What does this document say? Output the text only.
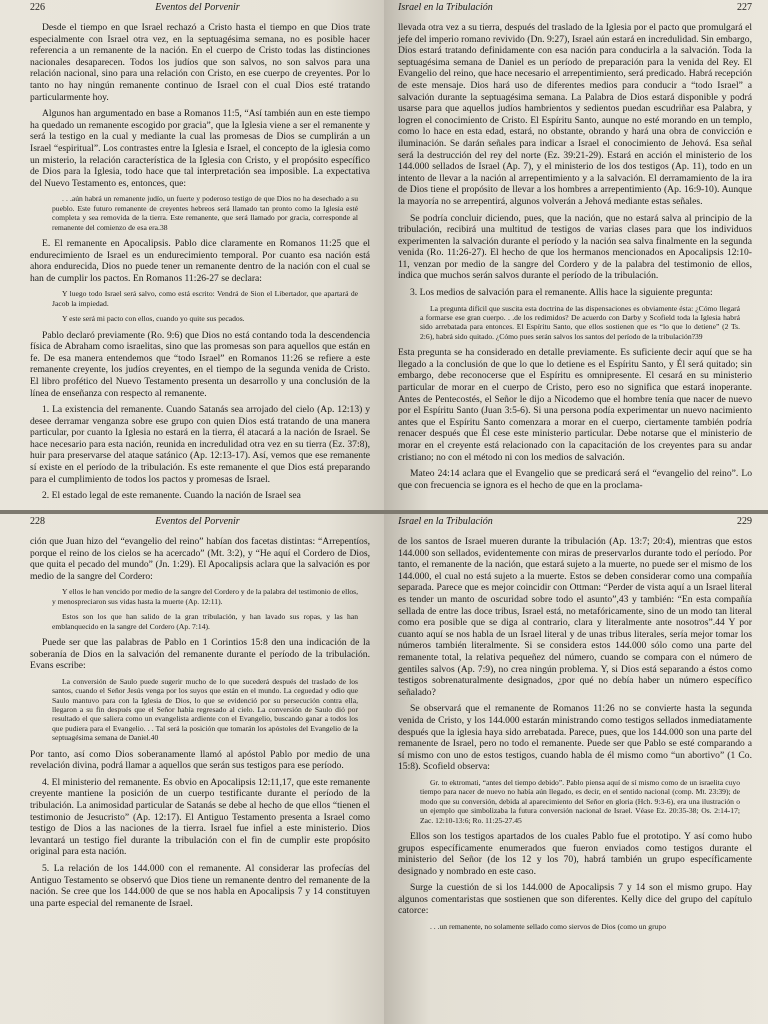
226	Eventos del Porvenir

Desde el tiempo en que Israel rechazó a Cristo hasta el tiempo en que Dios trate especialmente con Israel otra vez, en la septuagésima semana, no es posible hacer referencia a un remanente de la nación. En el cuerpo de Cristo todas las distinciones nacionales desaparecen. Todos los judíos que son salvos, no son salvos para una relación nacional, sino para una relación con Cristo, en ese cuerpo de creyentes. Por lo tanto no hay ningún remanente continuo de Israel con el cual Dios esté tratando particularmente hoy.

Algunos han argumentado en base a Romanos 11:5, “Así también aun en este tiempo ha quedado un remanente escogido por gracia”, que la Iglesia viene a ser el remanente y será la testigo en la cual y mediante la cual las promesas de Dios se cumplirán a un Israel “espiritual”. Los contrastes entre la Iglesia e Israel, el concepto de la iglesia como un misterio, la relación característica de la Iglesia con Cristo, y el propósito específico de Dios para la Iglesia, todo hace que tal interpretación sea imposible. La expectativa del Nuevo Testamento es, entonces, que:

. . .aún habrá un remanente judío, un fuerte y poderoso testigo de que Dios no ha desechado a su pueblo. Este futuro remanente de creyentes hebreos será llamado tan pronto como la Iglesia esté completa y sea removida de la tierra. Este remanente, que será llamado por gracia, corresponde al remanente del comienzo de esa era.38

E. El remanente en Apocalipsis. Pablo dice claramente en Romanos 11:25 que el endurecimiento de Israel es un endurecimiento temporal. Por cuanto esa nación está ahora endurecida, Dios no puede tener un remanente dentro de la nación con el cual se han de cumplir los pactos. En Romanos 11:26-27 se declara:

Y luego todo Israel será salvo, como está escrito: Vendrá de Sion el Libertador, que apartará de Jacob la impiedad.

Y este será mi pacto con ellos, cuando yo quite sus pecados.

Pablo declaró previamente (Ro. 9:6) que Dios no está contando toda la descendencia física de Abraham como israelitas, sino que las promesas son para aquellos que están en fe. De esa manera entendemos que “todo Israel” en Romanos 11:26 se refiere a este remanente creyente, los judíos creyentes, en el tiempo de la segunda venida de Cristo. El libro profético del Nuevo Testamento presenta un desarrollo y una conclusión de la línea de enseñanza con respecto al remanente.

1. La existencia del remanente. Cuando Satanás sea arrojado del cielo (Ap. 12:13) y desee derramar venganza sobre ese grupo con quien Dios está tratando de una manera particular, por cuanto la Iglesia no estará en la tierra, él atacará a la nación de Israel. Se hace necesario para esta nación, reunida en incredulidad otra vez en su tierra (Ez. 37:8), huir para preservarse del ataque satánico (Ap. 12:13-17). Así, vemos que ese remanente sí existe en el período de la tribulación. Es este remanente el que Dios está preparando para el cumplimiento de todos los pactos y promesas de Israel.

2. El estado legal de este remanente. Cuando la nación de Israel sea

Israel en la Tribulación	227

llevada otra vez a su tierra, después del traslado de la Iglesia por el pacto que promulgará el jefe del imperio romano revivido (Dn. 9:27), Israel aún estará en incredulidad. Sin embargo, Dios estará tratando definidamente con esa nación para conducirla a la salvación. Toda la septuagésima semana de Daniel es un período de preparación para la venida del Rey. El Evangelio del reino, que hace necesario el arrepentimiento, será predicado. Habrá recepción de este mensaje. Dios hará uso de diferentes medios para conducir a “todo Israel” a salvación durante la septuagésima semana. La Palabra de Dios estará disponible y podrá usarse para que aquellos judíos hambrientos y sedientos puedan escudriñar esa Palabra, y logren el conocimiento de Cristo. El Espíritu Santo, aunque no esté morando en un templo, como lo hace en esta edad, estará, no obstante, obrando y hará una obra de convicción e iluminación. Se darán señales para indicar a Israel el conocimiento de Jehová. Esa señal será la destrucción del rey del norte (Ez. 39:21-29). Estará en acción el ministerio de los 144.000 sellados de Israel (Ap. 7), y el ministerio de los dos testigos (Ap. 11), todo en un intento de llevar a la nación al arrepentimiento y a la salvación. El derramamiento de la ira de Dios tiene el propósito de llevar a los hombres a arrepentimiento (Ap. 16:9-10). Aunque la mayoría no se arrepentirá, algunos volverán a Jehová mediante estas señales.

Se podría concluir diciendo, pues, que la nación, que no estará salva al principio de la tribulación, recibirá una multitud de testigos de varias clases para que los individuos experimenten la salvación durante el período y la nación sea salva finalmente en la segunda venida (Ro. 11:26-27). El hecho de que los hermanos mencionados en Apocalipsis 12:10-11, venzan por medio de la sangre del Cordero y de la palabra del testimonio de ellos, indica que muchos serán salvos durante el período de la tribulación.

3. Los medios de salvación para el remanente. Allis hace la siguiente pregunta:

La pregunta difícil que suscita esta doctrina de las dispensaciones es obviamente ésta: ¿Cómo llegará a formarse ese gran cuerpo. . .de los redimidos? De acuerdo con Darby y Scofield toda la Iglesia habrá sido arrebatada para entonces. El Espíritu Santo, que ellos sostienen que es “lo que lo detiene” (2 Ts. 2:6), habrá sido quitado. ¿Cómo pues serán salvos los santos del período de la tribulación?39

Esta pregunta se ha considerado en detalle previamente. Es suficiente decir aquí que se ha llegado a la conclusión de que lo que lo detiene es el Espíritu Santo, y Él será quitado; sin embargo, debe reconocerse que el Espíritu es omnipresente. El cesará en su ministerio particular de morar en el cuerpo de Cristo, pero eso no significa que estará inoperante. Antes de Pentecostés, el Señor le dijo a Nicodemo que el hombre tenía que nacer de nuevo por el Espíritu Santo (Juan 3:5-6). Si una persona podía experimentar un nuevo nacimiento antes que el Espíritu Santo comenzara a morar en el cuerpo, ciertamente también podría renacer después que Él cese este ministerio particular. Debe notarse que el ministerio de morar en el creyente está relacionado con la capacitación de los creyentes para su andar cristiano; no con el método ni con los medios de salvación.

Mateo 24:14 aclara que el Evangelio que se predicará será el “evangelio del reino”. Lo que con frecuencia se ignora es el hecho de que en la proclama-

228	Eventos del Porvenir

ción que Juan hizo del “evangelio del reino” habían dos facetas distintas: “Arrepentíos, porque el reino de los cielos se ha acercado” (Mt. 3:2), y “He aquí el Cordero de Dios, que quita el pecado del mundo” (Jn. 1:29). El Apocalipsis aclara que la salvación es por medio de la sangre del Cordero:

Y ellos le han vencido por medio de la sangre del Cordero y de la palabra del testimonio de ellos, y menospreciaron sus vidas hasta la muerte (Ap. 12:11).

Estos son los que han salido de la gran tribulación, y han lavado sus ropas, y las han emblanquecido en la sangre del Cordero (Ap. 7:14).

Puede ser que las palabras de Pablo en 1 Corintios 15:8 den una indicación de la soberanía de Dios en la salvación del remanente durante el período de la tribulación. Evans escribe:

La conversión de Saulo puede sugerir mucho de lo que sucederá después del traslado de los santos, cuando el Señor Jesús venga por los suyos que están en el mundo. La ceguedad y odio que Saulo mantuvo para con la Iglesia de Dios, lo que se evidenció por su persecución contra ella, llegaron a su fin después que el Señor había regresado al cielo. La conversión de Saulo dió por resultado el que saliera como un evangelista ardiente con el Evangelio, buscando ganar a todos los que pudiera para el Evangelio. . . Tal será la posición que tomarán los apóstoles del Evangelio de la septuagésima semana de Daniel.40

Por tanto, así como Dios soberanamente llamó al apóstol Pablo por medio de una revelación divina, podrá llamar a aquellos que serán sus testigos para ese período.

4. El ministerio del remanente. Es obvio en Apocalipsis 12:11,17, que este remanente creyente mantiene la posición de un cuerpo testificante durante el período de la tribulación. La animosidad particular de Satanás se debe al hecho de que ellos “tienen el testimonio de Jesucristo” (Ap. 12:17). El Antiguo Testamento presenta a Israel como testigo de Dios a las naciones de la tierra. Israel fue infiel a este ministerio. Dios levantará un testigo fiel durante la tribulación con el fin de cumplir este propósito original para esta nación.

5. La relación de los 144.000 con el remanente. Al considerar las profecías del Antiguo Testamento se observó que Dios tiene un remanente dentro del remanente de la nación. Se cree que los 144.000 de que se nos habla en Apocalipsis 7 y 14 constituyen una parte especial del remanente de Israel.

Israel en la Tribulación	229

de los santos de Israel mueren durante la tribulación (Ap. 13:7; 20:4), mientras que estos 144.000 son sellados, evidentemente con miras de preservarlos durante todo el período. Por tanto, el remanente de la nación, que estará sujeto a la muerte, no puede ser el mismo de los 144.000, el cual no está sujeto a la muerte. Estos se deben considerar como una compañía separada. Parece que es mejor coincidir con Ottman: “Perder de vista aquí a un Israel literal es tender un manto de oscuridad sobre todo el asunto”,43 y también: “En esta compañía sellada de entre las doce tribus, Israel está, no metafóricamente, sino de un modo tan literal como era posible que se diga al contrario, clara y literalmente ante nosotros”.44 Y por cuanto aquí se nos habla de un Israel literal y de unas tribus literales, sería mejor tomar los números también literalmente. Si se considera estos 144.000 sólo como una parte del remanente total, la relativa pequeñez del número, cuando se compara con el número de gentiles salvos (Ap. 7:9), no crea ningún problema. Y, si Dios está separando a éstos como testigos sobrenaturalmente designados, ¿por qué no debía haber un número específico señalado?

Se observará que el remanente de Romanos 11:26 no se convierte hasta la segunda venida de Cristo, y los 144.000 estarán ministrando como testigos sellados inmediatamente después que la iglesia haya sido arrebatada. Parece, pues, que los 144.000 son una parte del remanente de Israel, pero no todo el remanente. Puede ser que Pablo se esté comparando a sí mismo con uno de estos testigos, cuando habla de él mismo como “un abortivo” (1 Co. 15:8). Scofield observa:

Gr. to ektromati, “antes del tiempo debido”. Pablo piensa aquí de sí mismo como de un israelita cuyo tiempo para nacer de nuevo no había aún llegado, es decir, en el sentido nacional (comp. Mt. 23:39); de modo que su conversión, debida al aparecimiento del Señor en gloria (Hch. 9:3-6), era una ilustración o un ejemplo que simbolizaba la futura conversión nacional de Israel. Véase Ez. 20:35-38; Os. 2:14-17; Zac. 12:10-13:6; Ro. 11:25-27.45

Ellos son los testigos apartados de los cuales Pablo fue el prototipo. Y así como hubo grupos específicamente enumerados que fueron enviados como testigos durante el ministerio del Señor (de los 12 y los 70), habrá también un grupo específicamente designado y nombrado en este caso.

Surge la cuestión de si los 144.000 de Apocalipsis 7 y 14 son el mismo grupo. Hay algunos comentaristas que sostienen que son diferentes. Kelly dice del grupo del capítulo catorce:

. . .un remanente, no solamente sellado como siervos de Dios (como un grupo
